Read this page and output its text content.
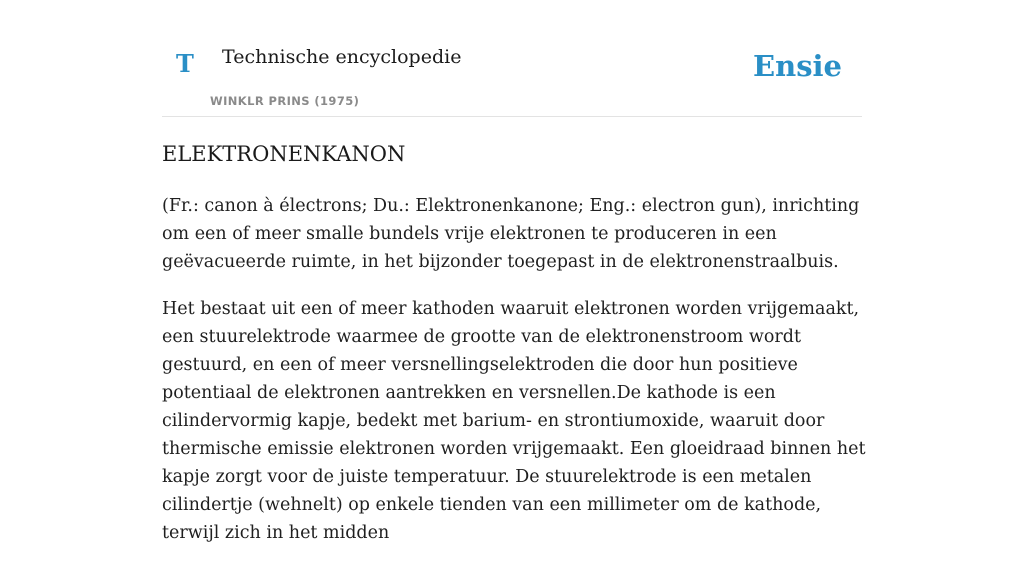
T Technische encyclopedie
WINKLR PRINS (1975)
Ensie
ELEKTRONENKANON

(Fr.: canon à électrons; Du.: Elektronenkanone; Eng.: electron gun), inrichting om een of meer smalle bundels vrije elektronen te produceren in een geëvacueerde ruimte, in het bijzonder toegepast in de elektronenstraalbuis.

Het bestaat uit een of meer kathoden waaruit elektronen worden vrijgemaakt, een stuurelektrode waarmee de grootte van de elektronenstroom wordt gestuurd, en een of meer versnellingselektroden die door hun positieve potentiaal de elektronen aantrekken en versnellen.De kathode is een cilindervormig kapje, bedekt met barium- en strontiumoxide, waaruit door thermische emissie elektronen worden vrijgemaakt. Een gloeidraad binnen het kapje zorgt voor de juiste temperatuur. De stuurelektrode is een metalen cilindertje (wehnelt) op enkele tienden van een millimeter om de kathode, terwijl zich in het midden
